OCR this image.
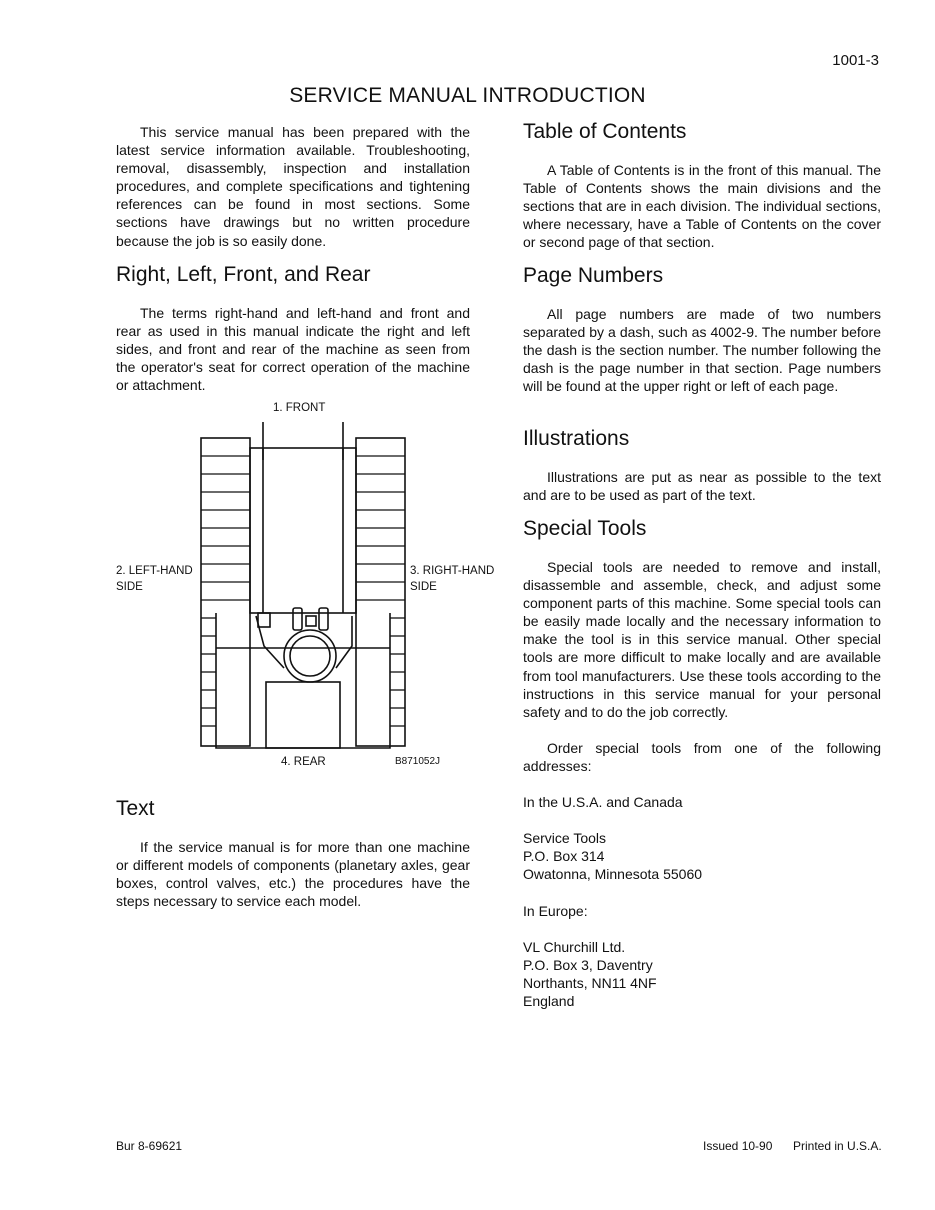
1001-3
SERVICE MANUAL INTRODUCTION

This service manual has been prepared with the latest service information available. Troubleshooting, removal, disassembly, inspection and installation procedures, and complete specifications and tightening references can be found in most sections. Some sections have drawings but no written procedure because the job is so easily done.

Right, Left, Front, and Rear

The terms right-hand and left-hand and front and rear as used in this manual indicate the right and left sides, and front and rear of the machine as seen from the operator's seat for correct operation of the machine or attachment.

1. FRONT
2. LEFT-HAND
SIDE
3. RIGHT-HAND
SIDE
4. REAR	B871052J
Text

If the service manual is for more than one machine or different models of components (planetary axles, gear boxes, control valves, etc.) the procedures have the steps necessary to service each model.

Table of Contents

A Table of Contents is in the front of this manual. The Table of Contents shows the main divisions and the sections that are in each division. The individual sections, where necessary, have a Table of Contents on the cover or second page of that section.

Page Numbers

All page numbers are made of two numbers separated by a dash, such as 4002-9. The number before the dash is the section number. The number following the dash is the page number in that section. Page numbers will be found at the upper right or left of each page.

Illustrations

Illustrations are put as near as possible to the text and are to be used as part of the text.

Special Tools

Special tools are needed to remove and install, disassemble and assemble, check, and adjust some component parts of this machine. Some special tools can be easily made locally and the necessary information to make the tool is in this service manual. Other special tools are more difficult to make locally and are available from tool manufacturers. Use these tools according to the instructions in this service manual for your personal safety and to do the job correctly.

Order special tools from one of the following addresses:

In the U.S.A. and Canada
Service Tools
P.O. Box 314
Owatonna, Minnesota 55060
In Europe:
VL Churchill Ltd.
P.O. Box 3, Daventry
Northants, NN11 4NF
England
Bur 8-69621	Issued 10-90 Printed in U.S.A.
